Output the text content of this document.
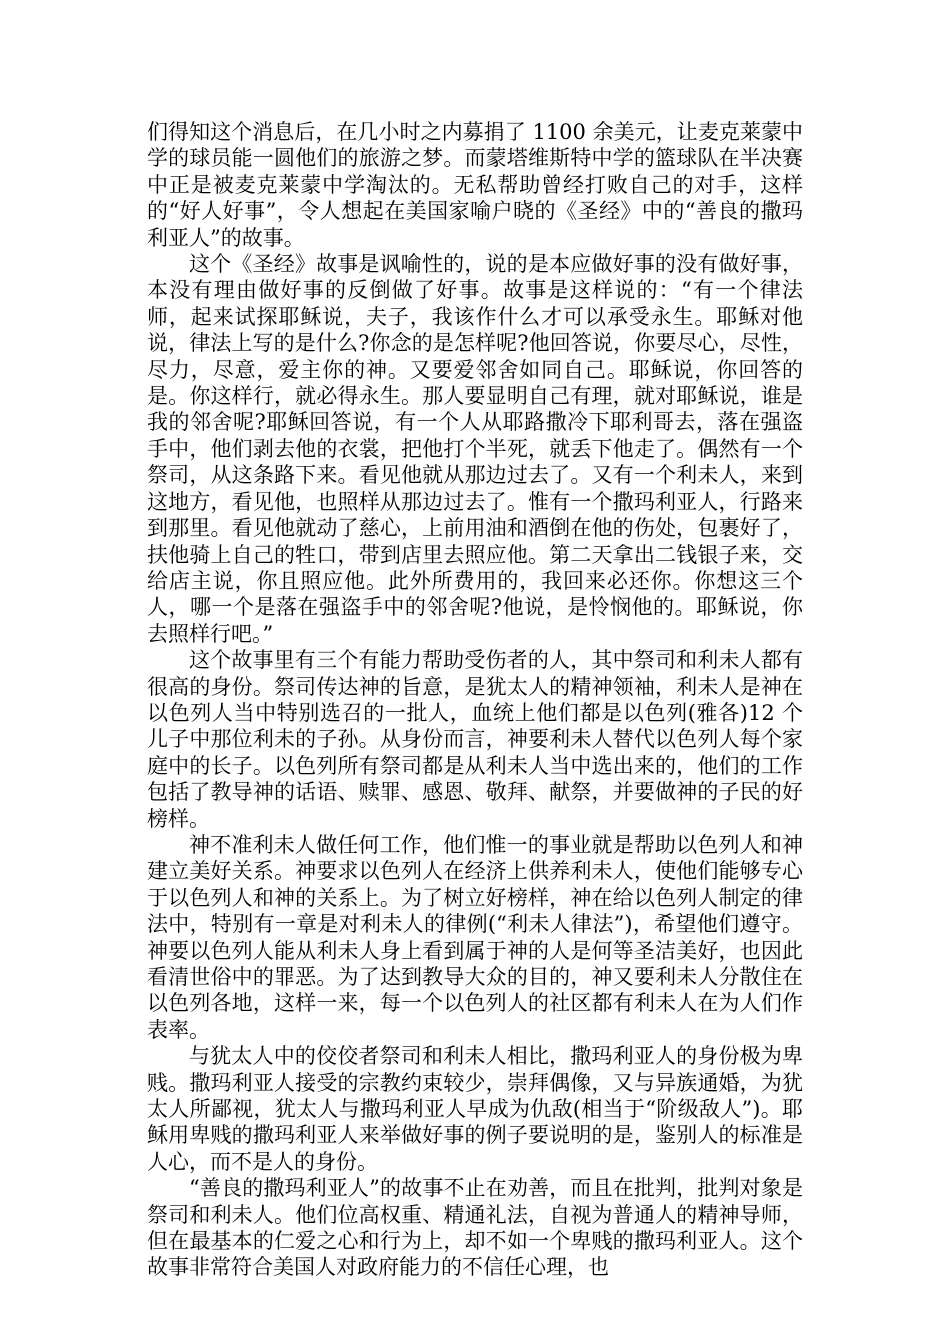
们得知这个消息后，在几小时之内募捐了 1100 余美元，让麦克莱蒙中学的球员能一圆他们的旅游之梦。而蒙塔维斯特中学的篮球队在半决赛中正是被麦克莱蒙中学淘汰的。无私帮助曾经打败自己的对手，这样的“好人好事”，令人想起在美国家喻户晓的《圣经》中的“善良的撒玛利亚人”的故事。

这个《圣经》故事是讽喻性的，说的是本应做好事的没有做好事，本没有理由做好事的反倒做了好事。故事是这样说的：“有一个律法师，起来试探耶稣说，夫子，我该作什么才可以承受永生。耶稣对他说，律法上写的是什么?你念的是怎样呢?他回答说，你要尽心，尽性，尽力，尽意，爱主你的神。又要爱邻舍如同自己。耶稣说，你回答的是。你这样行，就必得永生。那人要显明自己有理，就对耶稣说，谁是我的邻舍呢?耶稣回答说，有一个人从耶路撒冷下耶利哥去，落在强盗手中，他们剥去他的衣裳，把他打个半死，就丢下他走了。偶然有一个祭司，从这条路下来。看见他就从那边过去了。又有一个利未人，来到这地方，看见他，也照样从那边过去了。惟有一个撒玛利亚人，行路来到那里。看见他就动了慈心，上前用油和酒倒在他的伤处，包裹好了，扶他骑上自己的牲口，带到店里去照应他。第二天拿出二钱银子来，交给店主说，你且照应他。此外所费用的，我回来必还你。你想这三个人，哪一个是落在强盗手中的邻舍呢?他说，是怜悯他的。耶稣说，你去照样行吧。”

这个故事里有三个有能力帮助受伤者的人，其中祭司和利未人都有很高的身份。祭司传达神的旨意，是犹太人的精神领袖，利未人是神在以色列人当中特别选召的一批人，血统上他们都是以色列(雅各)12 个儿子中那位利未的子孙。从身份而言，神要利未人替代以色列人每个家庭中的长子。以色列所有祭司都是从利未人当中选出来的，他们的工作包括了教导神的话语、赎罪、感恩、敬拜、献祭，并要做神的子民的好榜样。

神不准利未人做任何工作，他们惟一的事业就是帮助以色列人和神建立美好关系。神要求以色列人在经济上供养利未人，使他们能够专心于以色列人和神的关系上。为了树立好榜样，神在给以色列人制定的律法中，特别有一章是对利未人的律例(“利未人律法”)，希望他们遵守。神要以色列人能从利未人身上看到属于神的人是何等圣洁美好，也因此看清世俗中的罪恶。为了达到教导大众的目的，神又要利未人分散住在以色列各地，这样一来，每一个以色列人的社区都有利未人在为人们作表率。

与犹太人中的佼佼者祭司和利未人相比，撒玛利亚人的身份极为卑贱。撒玛利亚人接受的宗教约束较少，崇拜偶像，又与异族通婚，为犹太人所鄙视，犹太人与撒玛利亚人早成为仇敌(相当于“阶级敌人”)。耶稣用卑贱的撒玛利亚人来举做好事的例子要说明的是，鉴别人的标准是人心，而不是人的身份。

“善良的撒玛利亚人”的故事不止在劝善，而且在批判，批判对象是祭司和利未人。他们位高权重、精通礼法，自视为普通人的精神导师，但在最基本的仁爱之心和行为上，却不如一个卑贱的撒玛利亚人。这个故事非常符合美国人对政府能力的不信任心理，也
